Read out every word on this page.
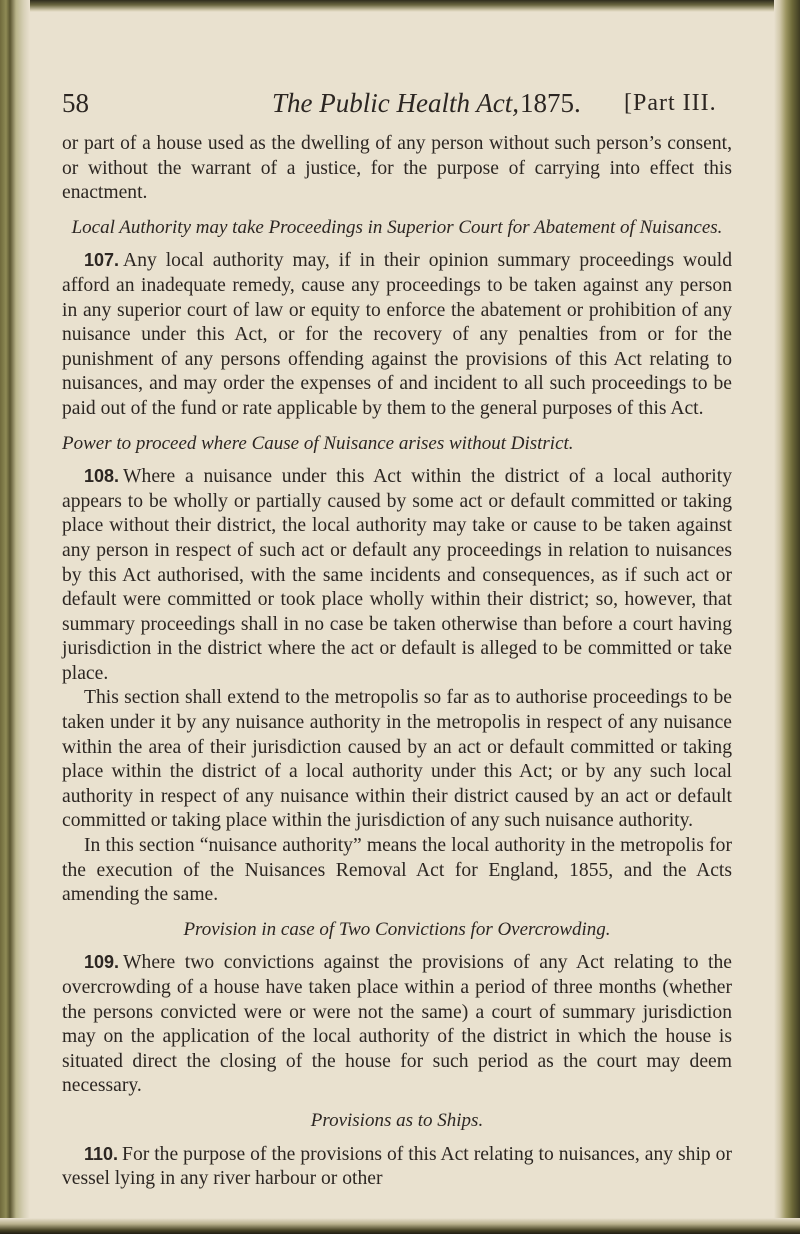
58	The Public Health Act, 1875. [Part III.

or part of a house used as the dwelling of any person without such person’s consent, or without the warrant of a justice, for the purpose of carrying into effect this enactment.

Local Authority may take Proceedings in Superior Court for Abatement of Nuisances.

107. Any local authority may, if in their opinion summary proceedings would afford an inadequate remedy, cause any proceedings to be taken against any person in any superior court of law or equity to enforce the abatement or prohibition of any nuisance under this Act, or for the recovery of any penalties from or for the punishment of any persons offending against the provisions of this Act relating to nuisances, and may order the expenses of and incident to all such proceedings to be paid out of the fund or rate applicable by them to the general purposes of this Act.

Power to proceed where Cause of Nuisance arises without District.

108. Where a nuisance under this Act within the district of a local authority appears to be wholly or partially caused by some act or default committed or taking place without their district, the local authority may take or cause to be taken against any person in respect of such act or default any proceedings in relation to nuisances by this Act authorised, with the same incidents and consequences, as if such act or default were committed or took place wholly within their district; so, however, that summary proceedings shall in no case be taken otherwise than before a court having jurisdiction in the district where the act or default is alleged to be committed or take place.

This section shall extend to the metropolis so far as to authorise proceedings to be taken under it by any nuisance authority in the metropolis in respect of any nuisance within the area of their jurisdiction caused by an act or default committed or taking place within the district of a local authority under this Act; or by any such local authority in respect of any nuisance within their district caused by an act or default committed or taking place within the jurisdiction of any such nuisance authority.

In this section “nuisance authority” means the local authority in the metropolis for the execution of the Nuisances Removal Act for England, 1855, and the Acts amending the same.

Provision in case of Two Convictions for Overcrowding.

109. Where two convictions against the provisions of any Act relating to the overcrowding of a house have taken place within a period of three months (whether the persons convicted were or were not the same) a court of summary jurisdiction may on the application of the local authority of the district in which the house is situated direct the closing of the house for such period as the court may deem necessary.

Provisions as to Ships.

110. For the purpose of the provisions of this Act relating to nuisances, any ship or vessel lying in any river harbour or other
